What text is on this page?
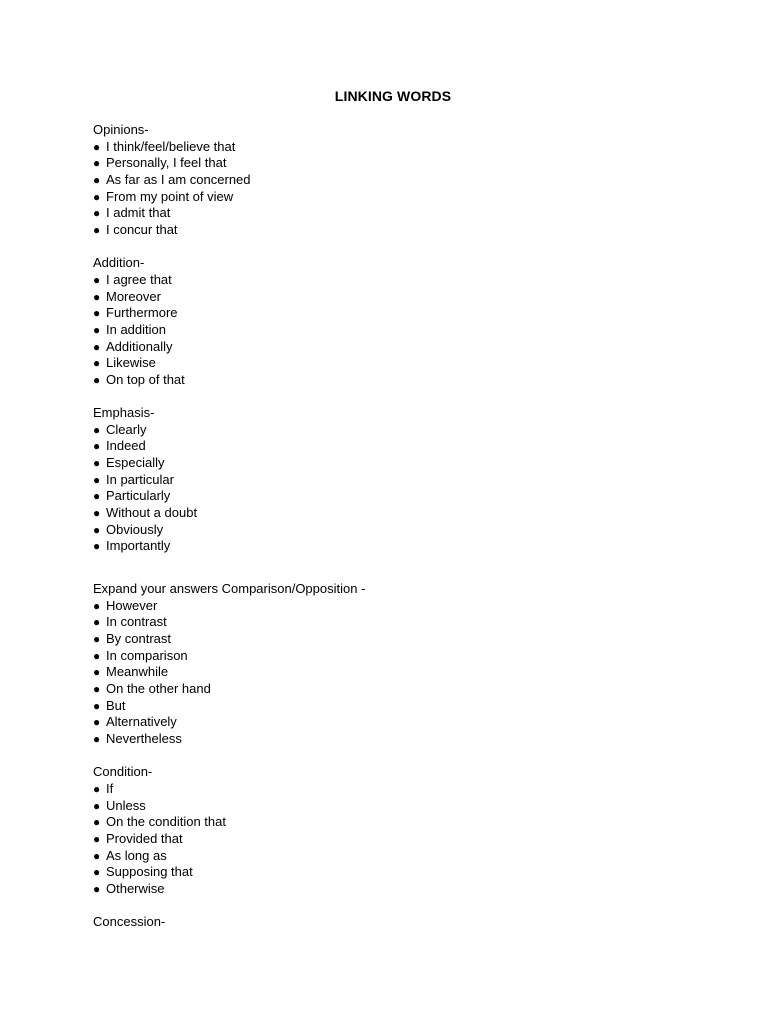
LINKING WORDS
Opinions-
● I think/feel/believe that
● Personally, I feel that
● As far as I am concerned
● From my point of view
● I admit that
● I concur that
Addition-
● I agree that
● Moreover
● Furthermore
● In addition
● Additionally
● Likewise
● On top of that
Emphasis-
● Clearly
● Indeed
● Especially
● In particular
● Particularly
● Without a doubt
● Obviously
● Importantly
Expand your answers Comparison/Opposition -
● However
● In contrast
● By contrast
● In comparison
● Meanwhile
● On the other hand
● But
● Alternatively
● Nevertheless
Condition-
● If
● Unless
● On the condition that
● Provided that
● As long as
● Supposing that
● Otherwise
Concession-
